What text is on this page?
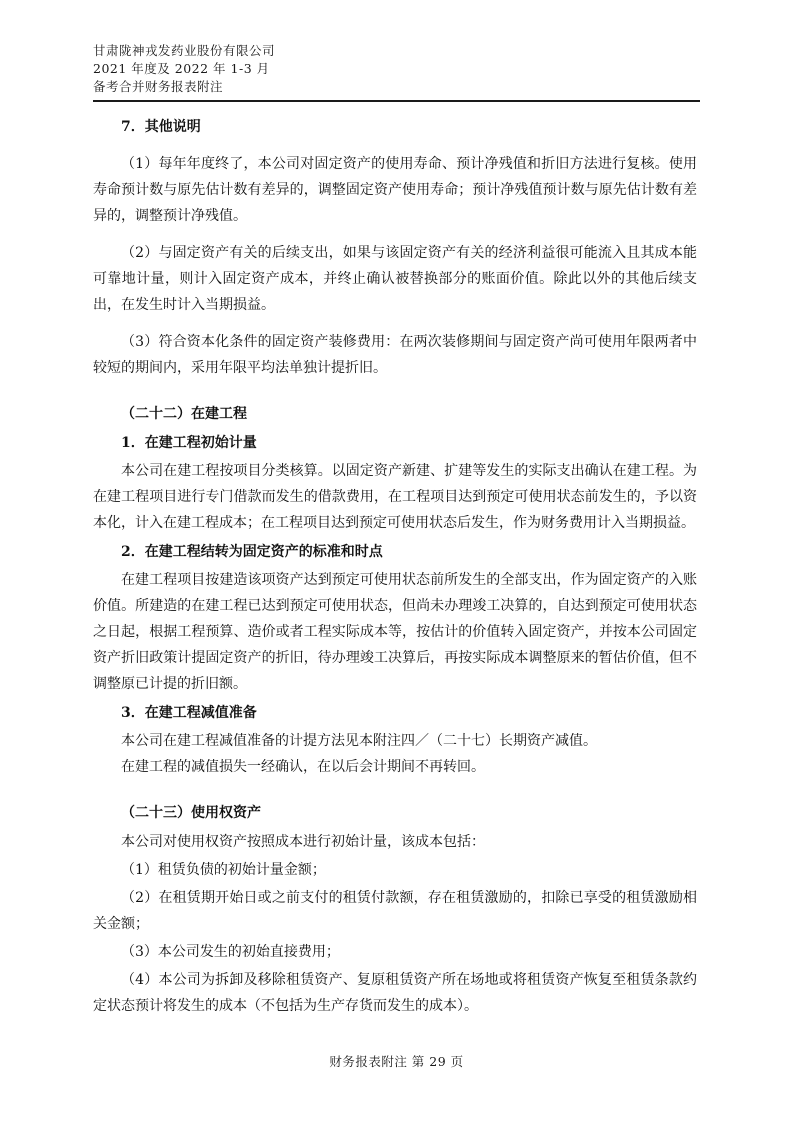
甘肃陇神戎发药业股份有限公司
2021 年度及 2022 年 1-3 月
备考合并财务报表附注
7．其他说明
（1）每年年度终了，本公司对固定资产的使用寿命、预计净残值和折旧方法进行复核。使用寿命预计数与原先估计数有差异的，调整固定资产使用寿命；预计净残值预计数与原先估计数有差异的，调整预计净残值。
（2）与固定资产有关的后续支出，如果与该固定资产有关的经济利益很可能流入且其成本能可靠地计量，则计入固定资产成本，并终止确认被替换部分的账面价值。除此以外的其他后续支出，在发生时计入当期损益。
（3）符合资本化条件的固定资产装修费用：在两次装修期间与固定资产尚可使用年限两者中较短的期间内，采用年限平均法单独计提折旧。
（二十二）在建工程
1．在建工程初始计量
本公司在建工程按项目分类核算。以固定资产新建、扩建等发生的实际支出确认在建工程。为在建工程项目进行专门借款而发生的借款费用，在工程项目达到预定可使用状态前发生的，予以资本化，计入在建工程成本；在工程项目达到预定可使用状态后发生，作为财务费用计入当期损益。
2．在建工程结转为固定资产的标准和时点
在建工程项目按建造该项资产达到预定可使用状态前所发生的全部支出，作为固定资产的入账价值。所建造的在建工程已达到预定可使用状态，但尚未办理竣工决算的，自达到预定可使用状态之日起，根据工程预算、造价或者工程实际成本等，按估计的价值转入固定资产，并按本公司固定资产折旧政策计提固定资产的折旧，待办理竣工决算后，再按实际成本调整原来的暂估价值，但不调整原已计提的折旧额。
3．在建工程减值准备
本公司在建工程减值准备的计提方法见本附注四／（二十七）长期资产减值。
在建工程的减值损失一经确认，在以后会计期间不再转回。
（二十三）使用权资产
本公司对使用权资产按照成本进行初始计量，该成本包括：
（1）租赁负债的初始计量金额；
（2）在租赁期开始日或之前支付的租赁付款额，存在租赁激励的，扣除已享受的租赁激励相关金额；
（3）本公司发生的初始直接费用；
（4）本公司为拆卸及移除租赁资产、复原租赁资产所在场地或将租赁资产恢复至租赁条款约定状态预计将发生的成本（不包括为生产存货而发生的成本）。
财务报表附注 第 29 页
